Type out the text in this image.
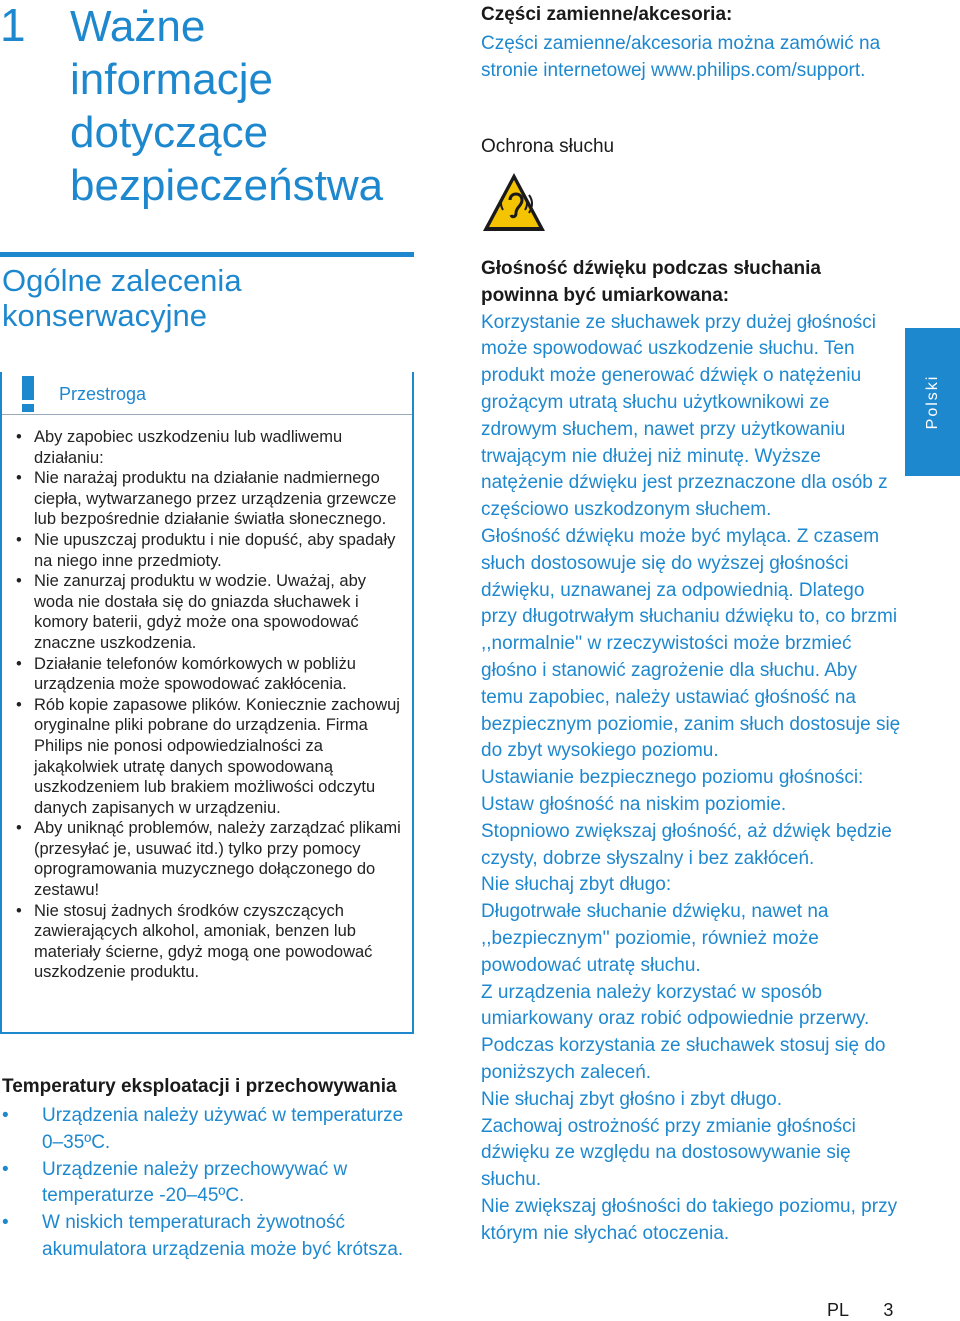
1 Ważne informacje dotyczące bezpieczeństwa
Ogólne zalecenia konserwacyjne
Przestroga
• Aby zapobiec uszkodzeniu lub wadliwemu działaniu:
• Nie narażaj produktu na działanie nadmiernego ciepła, wytwarzanego przez urządzenia grzewcze lub bezpośrednie działanie światła słonecznego.
• Nie upuszczaj produktu i nie dopuść, aby spadały na niego inne przedmioty.
• Nie zanurzaj produktu w wodzie. Uważaj, aby woda nie dostała się do gniazda słuchawek i komory baterii, gdyż może ona spowodować znaczne uszkodzenia.
• Działanie telefonów komórkowych w pobliżu urządzenia może spowodować zakłócenia.
• Rób kopie zapasowe plików. Koniecznie zachowuj oryginalne pliki pobrane do urządzenia. Firma Philips nie ponosi odpowiedzialności za jakąkolwiek utratę danych spowodowaną uszkodzeniem lub brakiem możliwości odczytu danych zapisanych w urządzeniu.
• Aby uniknąć problemów, należy zarządzać plikami (przesyłać je, usuwać itd.) tylko przy pomocy oprogramowania muzycznego dołączonego do zestawu!
• Nie stosuj żadnych środków czyszczących zawierających alkohol, amoniak, benzen lub materiały ścierne, gdyż mogą one powodować uszkodzenie produktu.
Temperatury eksploatacji i przechowywania
• Urządzenia należy używać w temperaturze 0–35ºC.
• Urządzenie należy przechowywać w temperaturze -20–45ºC.
• W niskich temperaturach żywotność akumulatora urządzenia może być krótsza.
Części zamienne/akcesoria:

Części zamienne/akcesoria można zamówić na stronie internetowej www.philips.com/support.

Ochrona słuchu

Głośność dźwięku podczas słuchania powinna być umiarkowana:

Korzystanie ze słuchawek przy dużej głośności może spowodować uszkodzenie słuchu. Ten produkt może generować dźwięk o natężeniu grożącym utratą słuchu użytkownikowi ze zdrowym słuchem, nawet przy użytkowaniu trwającym nie dłużej niż minutę. Wyższe natężenie dźwięku jest przeznaczone dla osób z częściowo uszkodzonym słuchem.

Głośność dźwięku może być myląca. Z czasem słuch dostosowuje się do wyższej głośności dźwięku, uznawanej za odpowiednią. Dlatego przy długotrwałym słuchaniu dźwięku to, co brzmi ,,normalnie'' w rzeczywistości może brzmieć głośno i stanowić zagrożenie dla słuchu. Aby temu zapobiec, należy ustawiać głośność na bezpiecznym poziomie, zanim słuch dostosuje się do zbyt wysokiego poziomu.

Ustawianie bezpiecznego poziomu głośności:

Ustaw głośność na niskim poziomie.

Stopniowo zwiększaj głośność, aż dźwięk będzie czysty, dobrze słyszalny i bez zakłóceń.

Nie słuchaj zbyt długo:

Długotrwałe słuchanie dźwięku, nawet na ,,bezpiecznym'' poziomie, również może powodować utratę słuchu.

Z urządzenia należy korzystać w sposób umiarkowany oraz robić odpowiednie przerwy.

Podczas korzystania ze słuchawek stosuj się do poniższych zaleceń.

Nie słuchaj zbyt głośno i zbyt długo.

Zachowaj ostrożność przy zmianie głośności dźwięku ze względu na dostosowywanie się słuchu.

Nie zwiększaj głośności do takiego poziomu, przy którym nie słychać otoczenia.

Polski
PL 3
